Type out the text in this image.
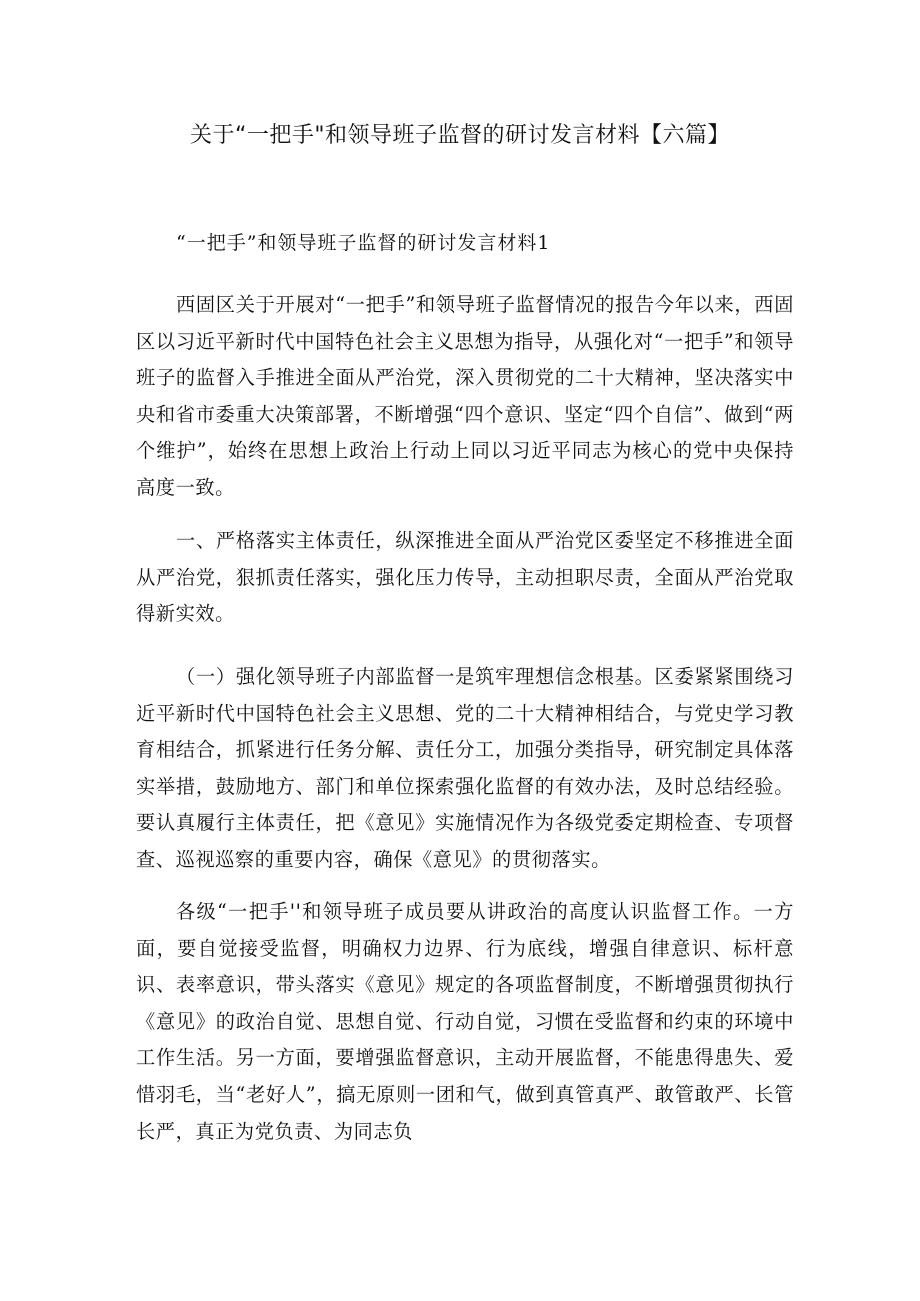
关于“一把手"和领导班子监督的研讨发言材料【六篇】

“一把手”和领导班子监督的研讨发言材料1

西固区关于开展对“一把手”和领导班子监督情况的报告今年以来，西固区以习近平新时代中国特色社会主义思想为指导，从强化对“一把手”和领导班子的监督入手推进全面从严治党，深入贯彻党的二十大精神，坚决落实中央和省市委重大决策部署，不断增强“四个意识、坚定“四个自信”、做到“两个维护”，始终在思想上政治上行动上同以习近平同志为核心的党中央保持高度一致。

一、严格落实主体责任，纵深推进全面从严治党区委坚定不移推进全面从严治党，狠抓责任落实，强化压力传导，主动担职尽责，全面从严治党取得新实效。

（一）强化领导班子内部监督一是筑牢理想信念根基。区委紧紧围绕习近平新时代中国特色社会主义思想、党的二十大精神相结合，与党史学习教育相结合，抓紧进行任务分解、责任分工，加强分类指导，研究制定具体落实举措，鼓励地方、部门和单位探索强化监督的有效办法，及时总结经验。要认真履行主体责任，把《意见》实施情况作为各级党委定期检查、专项督查、巡视巡察的重要内容，确保《意见》的贯彻落实。

各级“一把手''和领导班子成员要从讲政治的高度认识监督工作。一方面，要自觉接受监督，明确权力边界、行为底线，增强自律意识、标杆意识、表率意识，带头落实《意见》规定的各项监督制度，不断增强贯彻执行《意见》的政治自觉、思想自觉、行动自觉，习惯在受监督和约束的环境中工作生活。另一方面，要增强监督意识，主动开展监督，不能患得患失、爱惜羽毛，当“老好人”，搞无原则一团和气，做到真管真严、敢管敢严、长管长严，真正为党负责、为同志负
